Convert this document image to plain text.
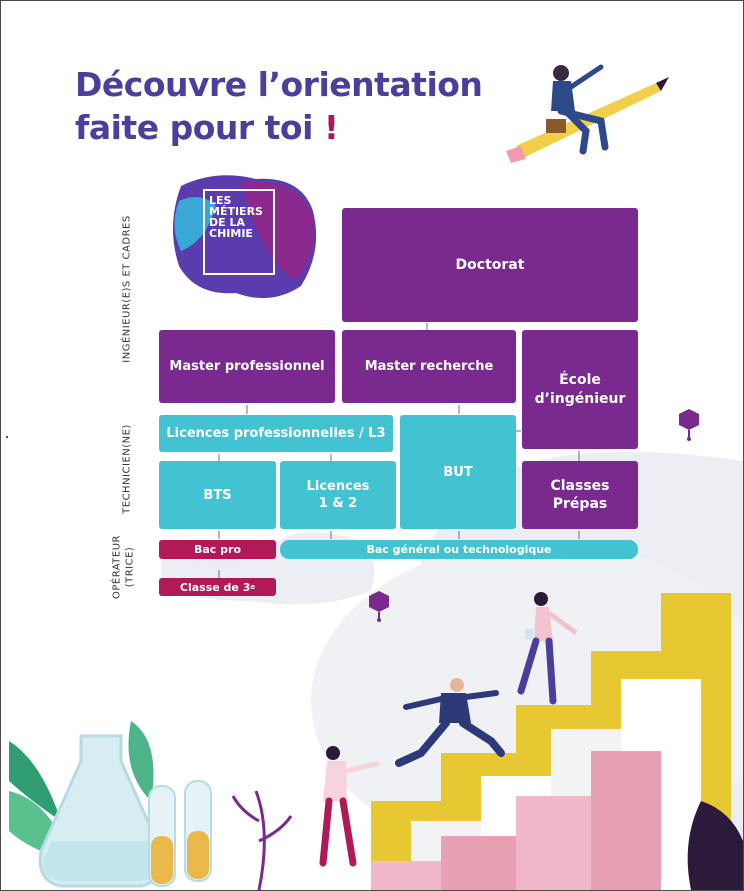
Découvre l’orientation
faite pour toi !
LES
MÉTIERS
DE LA
CHIMIE
INGÉNIEUR(E)S ET CADRES
TECHNICIEN(NE)
OPÉRATEUR (TRICE)
Doctorat
Master professionnel	Master recherche
École
d’ingénieur
Licences professionnelles / L3
BTS
Licences
1 & 2
BUT
Classes
Prépas
Bac pro	Bac général ou technologique
Classe de 3 e
